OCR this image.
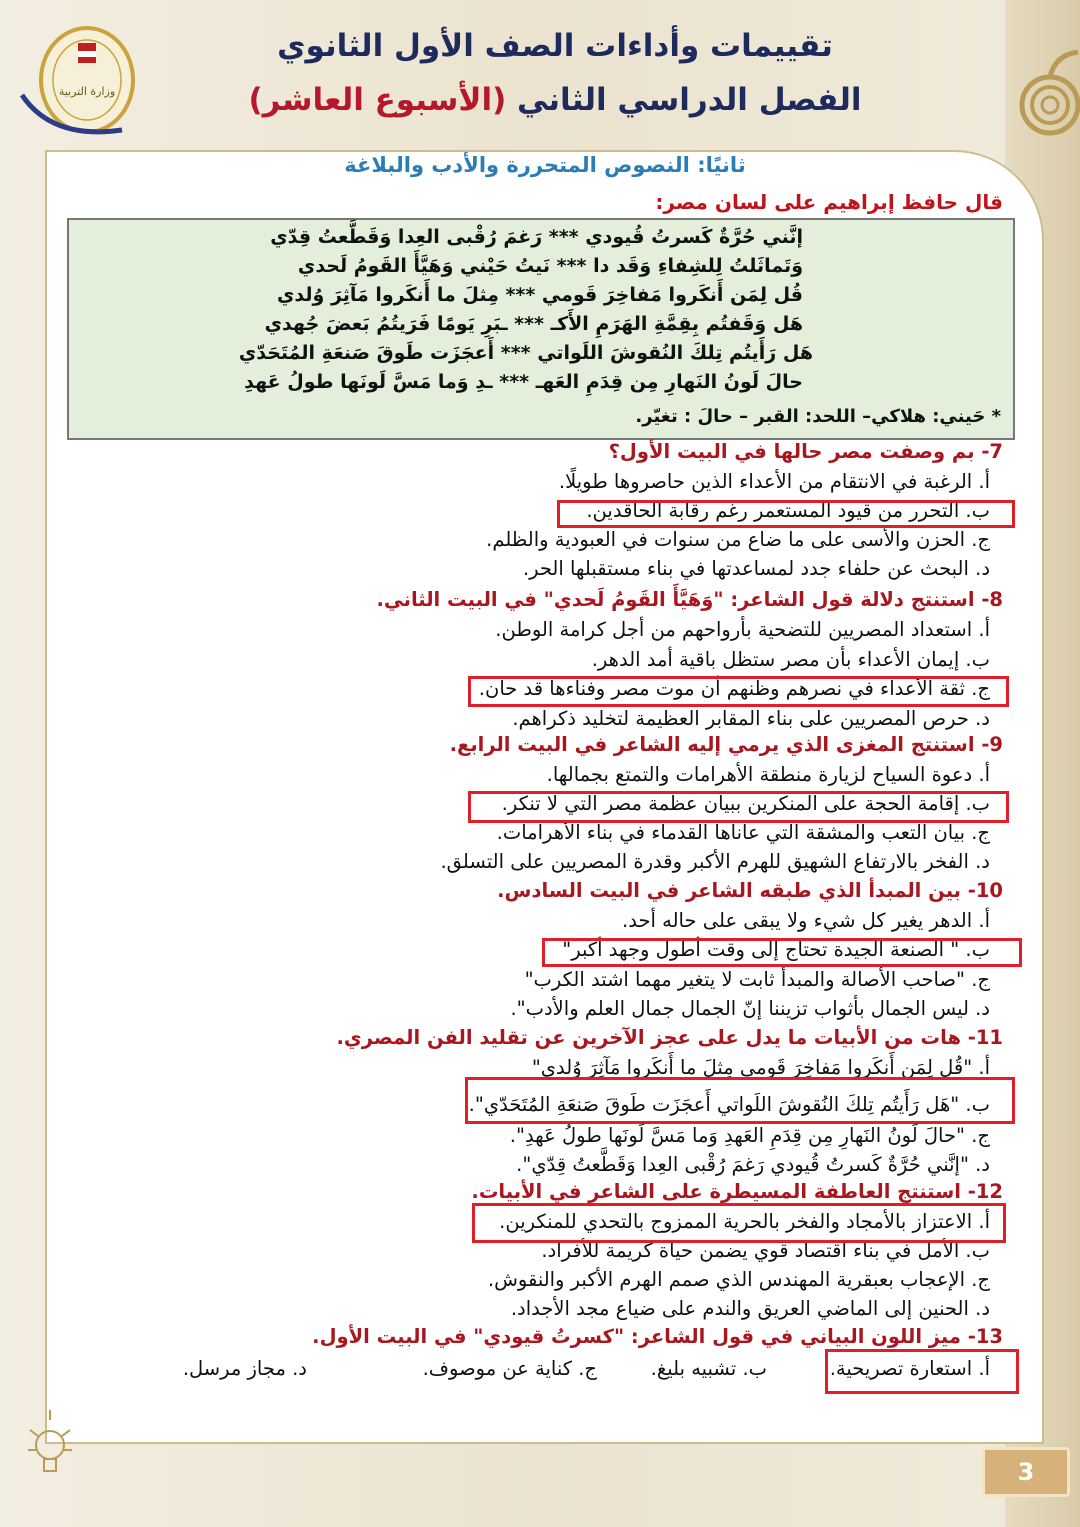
وزارة التربية
تقييمات وأداءات الصف الأول الثانوي
الفصل الدراسي الثاني (الأسبوع العاشر)
ثانيًا: النصوص المتحررة والأدب والبلاغة
قال حافظ إبراهيم على لسان مصر:
إنَّني حُرَّةٌ كَسرتُ قُيودي *** رَغمَ رُقْبى العِدا وَقَطَّعتُ قِدّي
وَتَماثَلتُ لِلشِفاءِ وَقَد دا *** نَيتُ حَيْني وَهَيَّأَ القَومُ لَحدي
قُل لِمَن أَنكَروا مَفاخِرَ قَومي *** مِثلَ ما أَنكَروا مَآثِرَ وُلدي
هَل وَقَفتُم بِقِمَّةِ الهَرَمِ الأَكـ *** ـبَرِ يَومًا فَرَيتُمُ بَعضَ جُهدي
هَل رَأَيتُم تِلكَ النُقوشَ اللَواتي *** أَعجَزَت طَوقَ صَنعَةِ المُتَحَدّي
حالَ لَونُ النَهارِ مِن قِدَمِ العَهـ *** ـدِ وَما مَسَّ لَونَها طولُ عَهدِ
* حَيني: هلاكي– اللحد: القبر – حالَ : تغيّر.
7- بم وصفت مصر حالها في البيت الأول؟
أ. الرغبة في الانتقام من الأعداء الذين حاصروها طويلًا.
ب. التحرر من قيود المستعمر رغم رقابة الحاقدين.
ج. الحزن والأسى على ما ضاع من سنوات في العبودية والظلم.
د. البحث عن حلفاء جدد لمساعدتها في بناء مستقبلها الحر.
8- استنتج دلالة قول الشاعر: "وَهَيَّأَ القَومُ لَحدي" في البيت الثاني.
أ. استعداد المصريين للتضحية بأرواحهم من أجل كرامة الوطن.
ب. إيمان الأعداء بأن مصر ستظل باقية أمد الدهر.
ج. ثقة الأعداء في نصرهم وظنهم أن موت مصر وفناءها قد حان.
د. حرص المصريين على بناء المقابر العظيمة لتخليد ذكراهم.
9- استنتج المغزى الذي يرمي إليه الشاعر في البيت الرابع.
أ. دعوة السياح لزيارة منطقة الأهرامات والتمتع بجمالها.
ب. إقامة الحجة على المنكرين ببيان عظمة مصر التي لا تنكر.
ج. بيان التعب والمشقة التي عاناها القدماء في بناء الأهرامات.
د. الفخر بالارتفاع الشهيق للهرم الأكبر وقدرة المصريين على التسلق.
10- بين المبدأ الذي طبقه الشاعر في البيت السادس.
أ. الدهر يغير كل شيء ولا يبقى على حاله أحد.
ب. " الصنعة الجيدة تحتاج إلى وقت أطول وجهد أكبر"
ج. "صاحب الأصالة والمبدأ ثابت لا يتغير مهما اشتد الكرب"
د. ليس الجمال بأثواب تزيننا إنّ الجمال جمال العلم والأدب".
11- هات من الأبيات ما يدل على عجز الآخرين عن تقليد الفن المصري.
أ. "قُل لِمَن أَنكَروا مَفاخِرَ قَومي مِثلَ ما أَنكَروا مَآثِرَ وُلدي"
ب. "هَل رَأَيتُم تِلكَ النُقوشَ اللَواتي أَعجَزَت طَوقَ صَنعَةِ المُتَحَدّي".
ج. "حالَ لَونُ النَهارِ مِن قِدَمِ العَهدِ وَما مَسَّ لَونَها طولُ عَهدِ".
د. "إنَّني حُرَّةٌ كَسرتُ قُيودي رَغمَ رُقْبى العِدا وَقَطَّعتُ قِدّي".
12- استنتج العاطفة المسيطرة على الشاعر في الأبيات.
أ. الاعتزاز بالأمجاد والفخر بالحرية الممزوج بالتحدي للمنكرين.
ب. الأمل في بناء اقتصاد قوي يضمن حياة كريمة للأفراد.
ج. الإعجاب بعبقرية المهندس الذي صمم الهرم الأكبر والنقوش.
د. الحنين إلى الماضي العريق والندم على ضياع مجد الأجداد.
13- ميز اللون البياني في قول الشاعر: "كسرتُ قيودي" في البيت الأول.
أ. استعارة تصريحية.
ب. تشبيه بليغ.
ج. كناية عن موصوف.
د. مجاز مرسل.
3
